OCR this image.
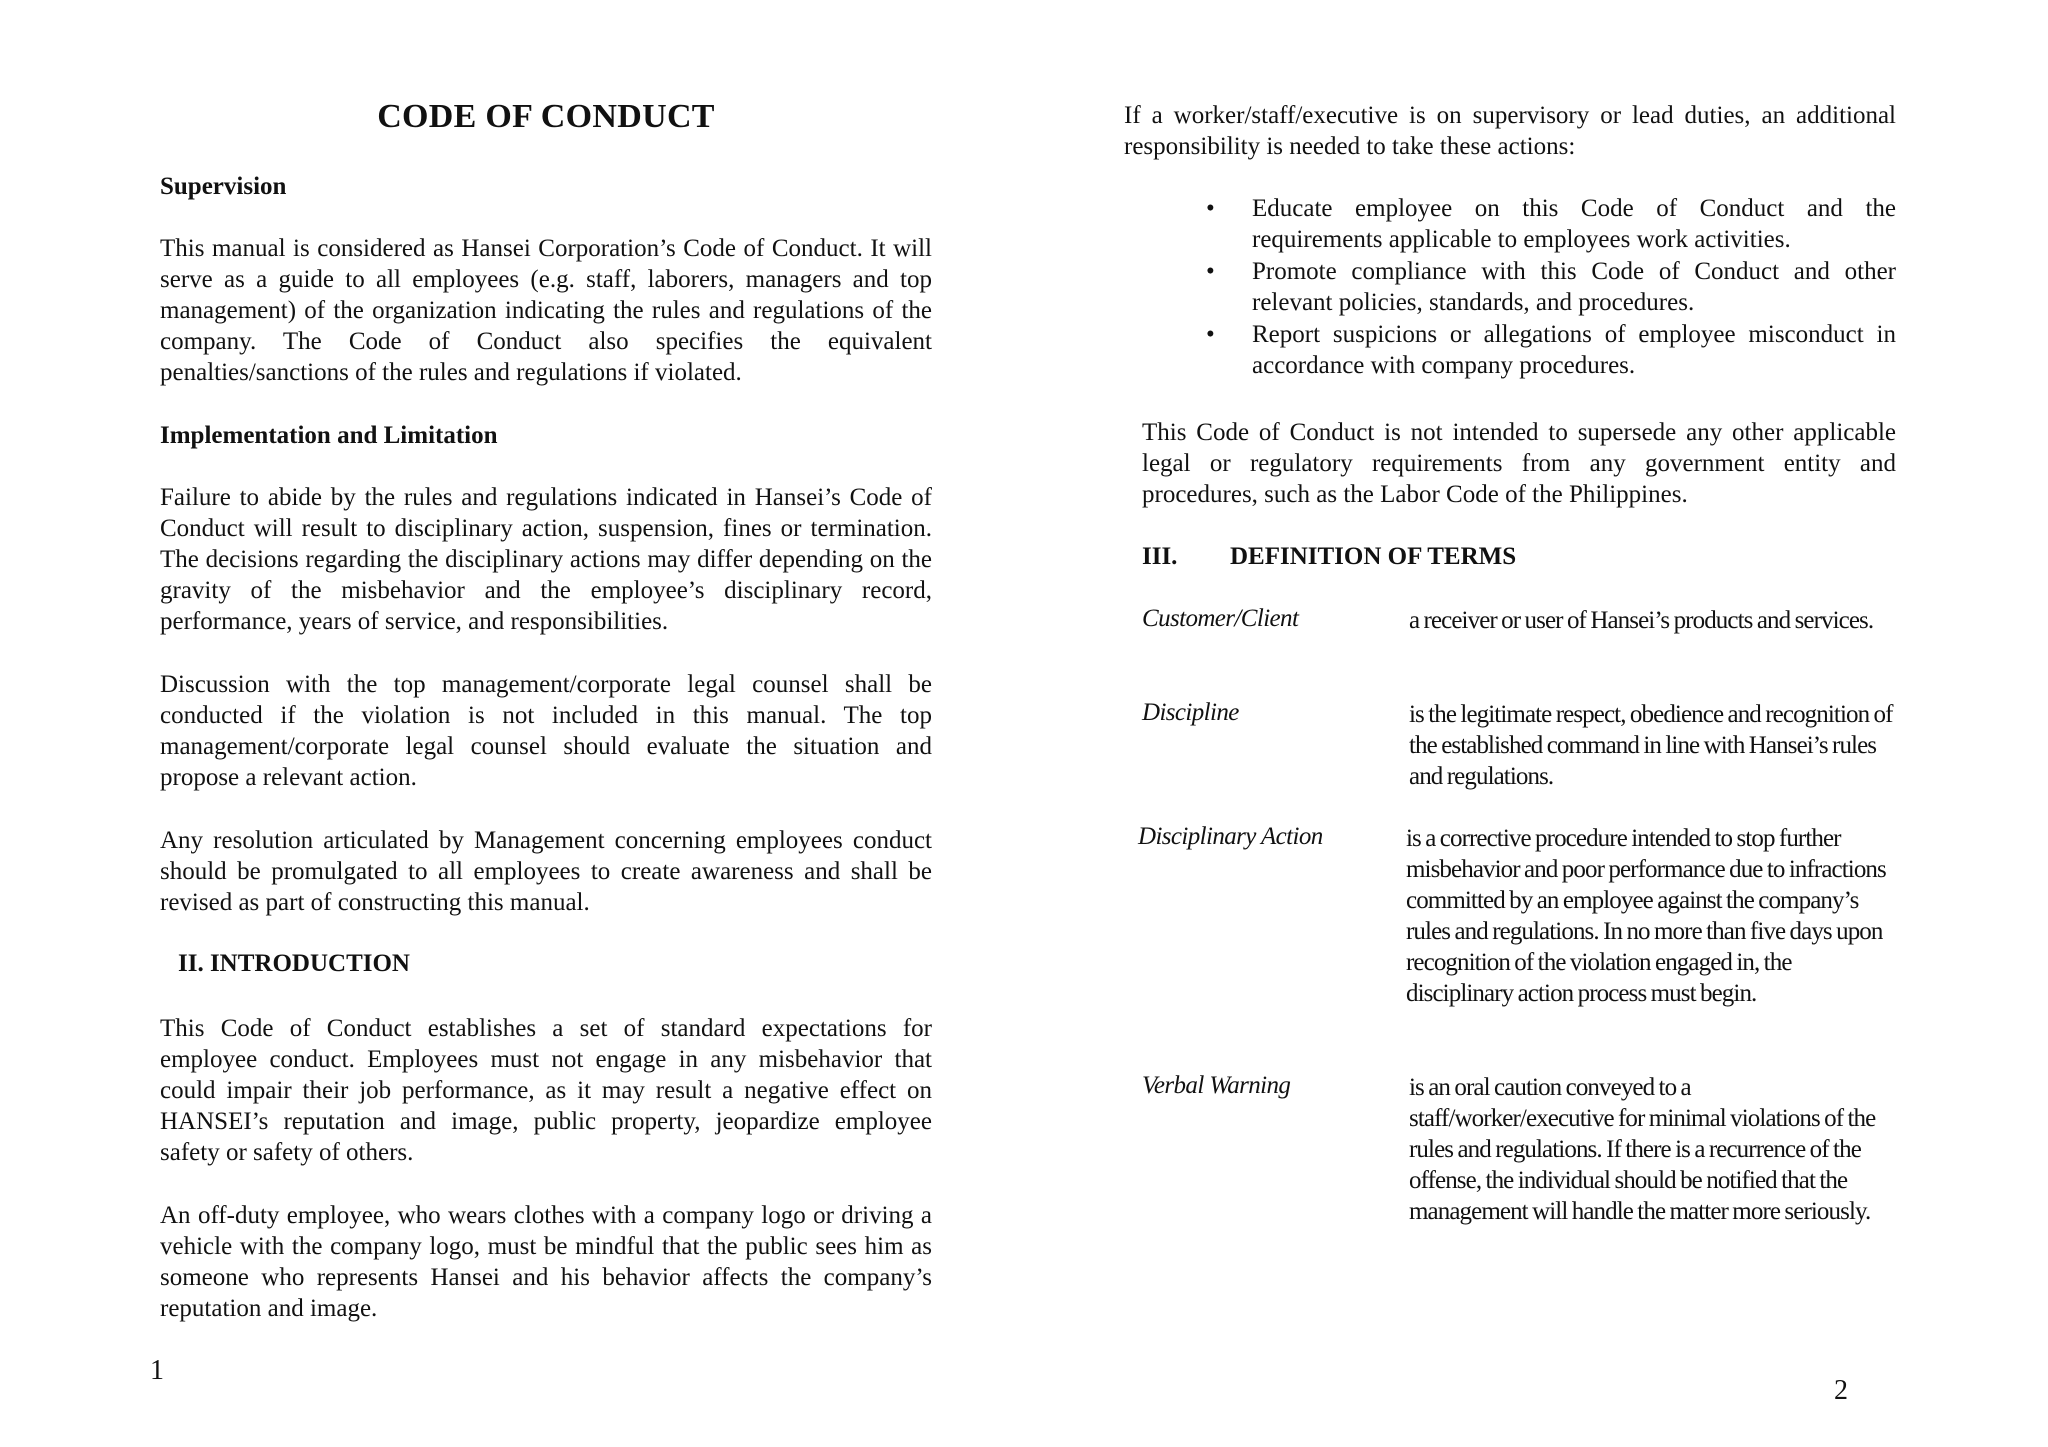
CODE OF CONDUCT
Supervision

This manual is considered as Hansei Corporation’s Code of Conduct. It will serve as a guide to all employees (e.g. staff, laborers, managers and top management) of the organization indicating the rules and regulations of the company. The Code of Conduct also specifies the equivalent penalties/sanctions of the rules and regulations if violated.

Implementation and Limitation

Failure to abide by the rules and regulations indicated in Hansei’s Code of Conduct will result to disciplinary action, suspension, fines or termination. The decisions regarding the disciplinary actions may differ depending on the gravity of the misbehavior and the employee’s disciplinary record, performance, years of service, and responsibilities.

Discussion with the top management/corporate legal counsel shall be conducted if the violation is not included in this manual. The top management/corporate legal counsel should evaluate the situation and propose a relevant action.

Any resolution articulated by Management concerning employees conduct should be promulgated to all employees to create awareness and shall be revised as part of constructing this manual.

II. INTRODUCTION

This Code of Conduct establishes a set of standard expectations for employee conduct. Employees must not engage in any misbehavior that could impair their job performance, as it may result a negative effect on HANSEI’s reputation and image, public property, jeopardize employee safety or safety of others.

An off-duty employee, who wears clothes with a company logo or driving a vehicle with the company logo, must be mindful that the public sees him as someone who represents Hansei and his behavior affects the company’s reputation and image.

1

If a worker/staff/executive is on supervisory or lead duties, an additional responsibility is needed to take these actions:

• Educate employee on this Code of Conduct and the requirements applicable to employees work activities.
• Promote compliance with this Code of Conduct and other relevant policies, standards, and procedures.
• Report suspicions or allegations of employee misconduct in accordance with company procedures.

This Code of Conduct is not intended to supersede any other applicable legal or regulatory requirements from any government entity and procedures, such as the Labor Code of the Philippines.

III. DEFINITION OF TERMS
Customer/Client	a receiver or user of Hansei’s products and services.

Discipline	is the legitimate respect, obedience and recognition of the established command in line with Hansei’s rules and regulations.

Disciplinary Action	is a corrective procedure intended to stop further misbehavior and poor performance due to infractions committed by an employee against the company’s rules and regulations. In no more than five days upon recognition of the violation engaged in, the disciplinary action process must begin.

Verbal Warning	is an oral caution conveyed to a staff/worker/executive for minimal violations of the rules and regulations. If there is a recurrence of the offense, the individual should be notified that the management will handle the matter more seriously.

2
